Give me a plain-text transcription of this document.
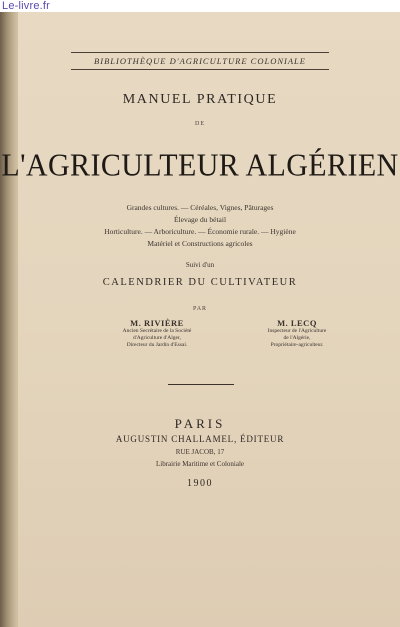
Le-livre.fr
BIBLIOTHÈQUE D'AGRICULTURE COLONIALE
MANUEL PRATIQUE
DE
L'AGRICULTEUR ALGÉRIEN
Grandes cultures. — Céréales, Vignes, Pâturages
Élevage du bétail
Horticulture. — Arboriculture. — Économie rurale. — Hygiène
Matériel et Constructions agricoles
Suivi d'un
CALENDRIER DU CULTIVATEUR
PAR
M. RIVIÈRE
Ancien Secrétaire de la Société
d'Agriculture d'Alger,
Directeur du Jardin d'Essai.
M. LECQ
Inspecteur de l'Agriculture
de l'Algérie,
Propriétaire-agriculteur.
PARIS
AUGUSTIN CHALLAMEL, ÉDITEUR
RUE JACOB, 17
Librairie Maritime et Coloniale
1900
